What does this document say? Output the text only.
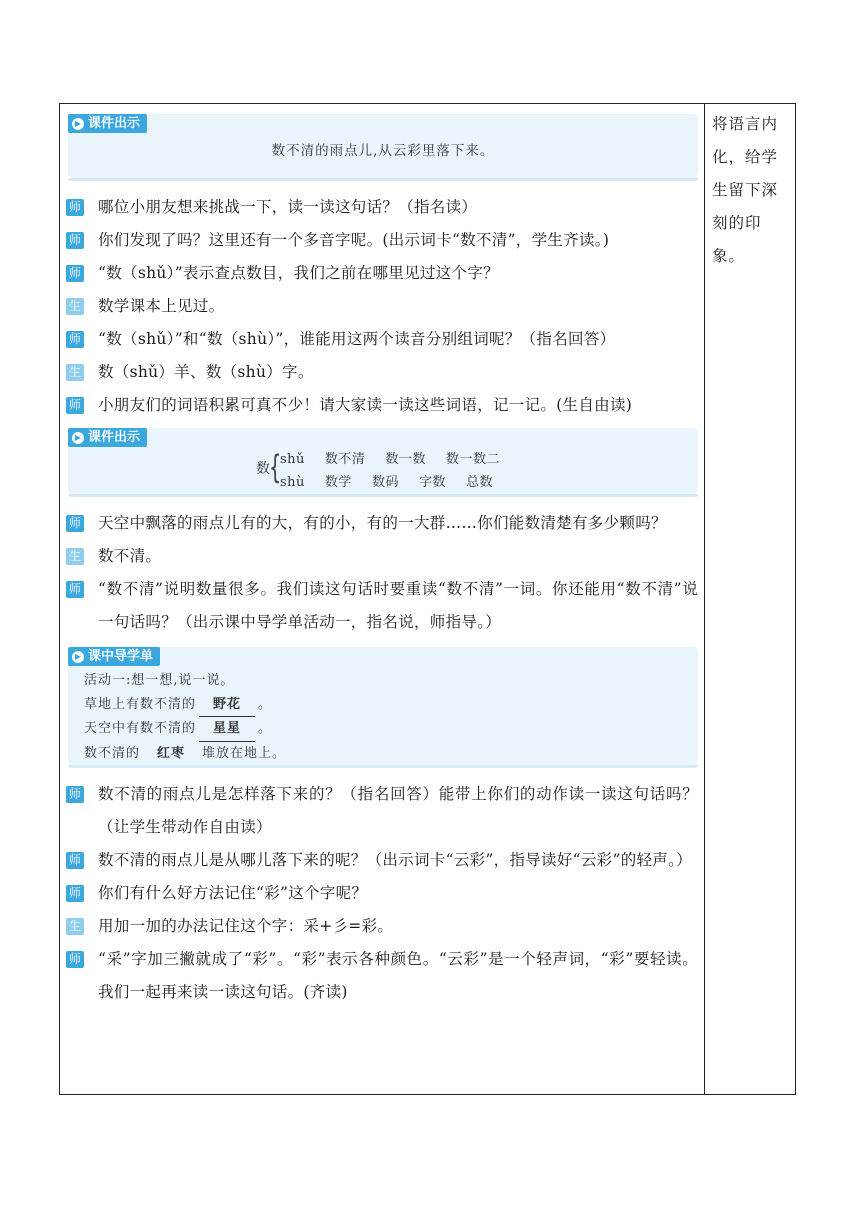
将语言内化，给学生留下深刻的印象。
▶ 课件出示
数不清的雨点儿,从云彩里落下来。
师 哪位小朋友想来挑战一下，读一读这句话？（指名读）
师 你们发现了吗？这里还有一个多音字呢。(出示词卡“数不清”，学生齐读。)
师 “数（shǔ）”表示查点数目，我们之前在哪里见过这个字？
生 数学课本上见过。
师 “数（shǔ）”和“数（shù）”，谁能用这两个读音分别组词呢？（指名回答）
生 数（shǔ）羊、数（shù）字。
师 小朋友们的词语积累可真不少！请大家读一读这些词语，记一记。(生自由读)
▶ 课件出示
数 {
shǔ 数不清 数一数 数一数二
shù 数学 数码 字数 总数
师 天空中飘落的雨点儿有的大，有的小，有的一大群……你们能数清楚有多少颗吗？
生 数不清。
师 “数不清”说明数量很多。我们读这句话时要重读“数不清”一词。你还能用“数不清”说一句话吗？（出示课中导学单活动一，指名说，师指导。）
▶ 课中导学单
活动一:想一想,说一说。
草地上有数不清的 野花 。
天空中有数不清的 星星 。
数不清的 红枣 堆放在地上。
师 数不清的雨点儿是怎样落下来的？（指名回答）能带上你们的动作读一读这句话吗？（让学生带动作自由读）
师 数不清的雨点儿是从哪儿落下来的呢？（出示词卡“云彩”，指导读好“云彩”的轻声。）
师 你们有什么好方法记住“彩”这个字呢？
生 用加一加的办法记住这个字：采+彡=彩。
师 “采”字加三撇就成了“彩”。“彩”表示各种颜色。“云彩”是一个轻声词，“彩”要轻读。我们一起再来读一读这句话。(齐读)
